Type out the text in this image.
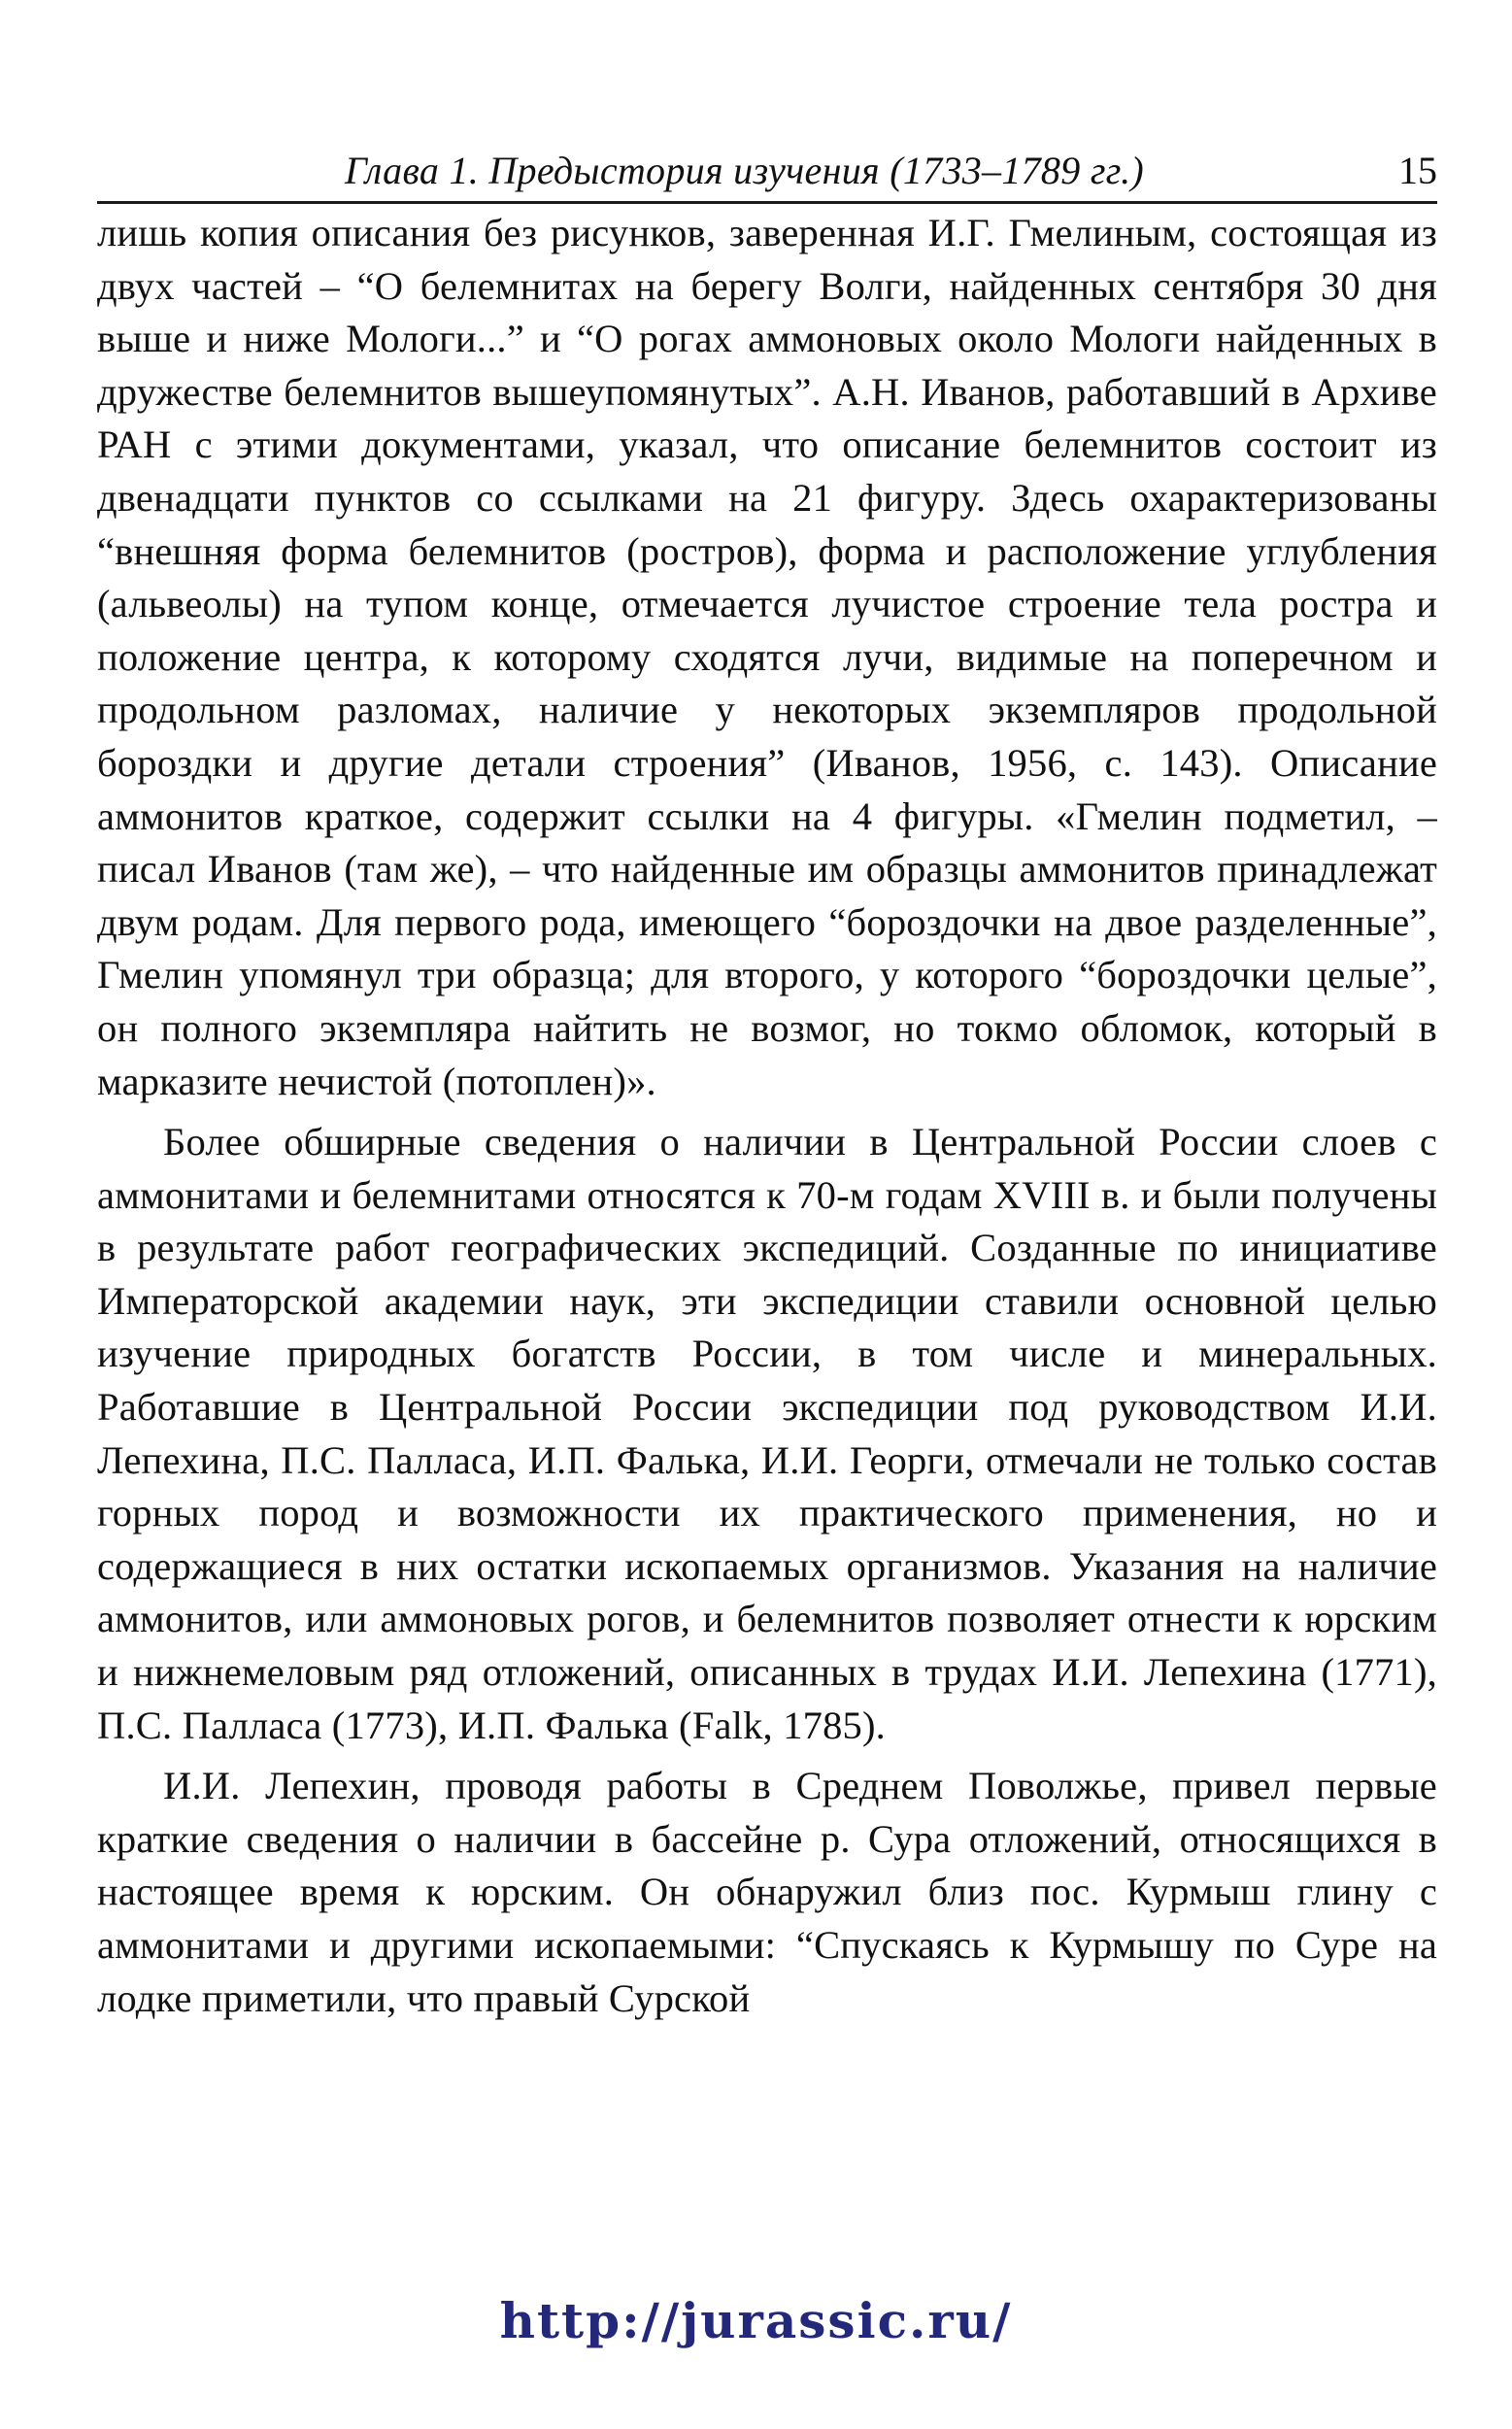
Глава 1. Предыстория изучения (1733–1789 гг.)	15

лишь копия описания без рисунков, заверенная И.Г. Гмелиным, состоящая из двух частей – “О белемнитах на берегу Волги, найденных сентября 30 дня выше и ниже Мологи...” и “О рогах аммоновых около Мологи найденных в дружестве белемнитов вышеупомянутых”. А.Н. Иванов, работавший в Архиве РАН с этими документами, указал, что описание белемнитов состоит из двенадцати пунктов со ссылками на 21 фигуру. Здесь охарактеризованы “внешняя форма белемнитов (ростров), форма и расположение углубления (альвеолы) на тупом конце, отмечается лучистое строение тела ростра и положение центра, к которому сходятся лучи, видимые на поперечном и продольном разломах, наличие у некоторых экземпляров продольной бороздки и другие детали строения” (Иванов, 1956, с. 143). Описание аммонитов краткое, содержит ссылки на 4 фигуры. «Гмелин подметил, – писал Иванов (там же), – что найденные им образцы аммонитов принадлежат двум родам. Для первого рода, имеющего “бороздочки на двое разделенные”, Гмелин упомянул три образца; для второго, у которого “бороздочки целые”, он полного экземпляра найтить не возмог, но токмо обломок, который в марказите нечистой (потоплен)».

Более обширные сведения о наличии в Центральной России слоев с аммонитами и белемнитами относятся к 70-м годам XVIII в. и были получены в результате работ географических экспедиций. Созданные по инициативе Императорской академии наук, эти экспедиции ставили основной целью изучение природных богатств России, в том числе и минеральных. Работавшие в Центральной России экспедиции под руководством И.И. Лепехина, П.С. Палласа, И.П. Фалька, И.И. Георги, отмечали не только состав горных пород и возможности их практического применения, но и содержащиеся в них остатки ископаемых организмов. Указания на наличие аммонитов, или аммоновых рогов, и белемнитов позволяет отнести к юрским и нижнемеловым ряд отложений, описанных в трудах И.И. Лепехина (1771), П.С. Палласа (1773), И.П. Фалька (Falk, 1785).

И.И. Лепехин, проводя работы в Среднем Поволжье, привел первые краткие сведения о наличии в бассейне р. Сура отложений, относящихся в настоящее время к юрским. Он обнаружил близ пос. Курмыш глину с аммонитами и другими ископаемыми: “Спускаясь к Курмышу по Суре на лодке приметили, что правый Сурской

http://jurassic.ru/
